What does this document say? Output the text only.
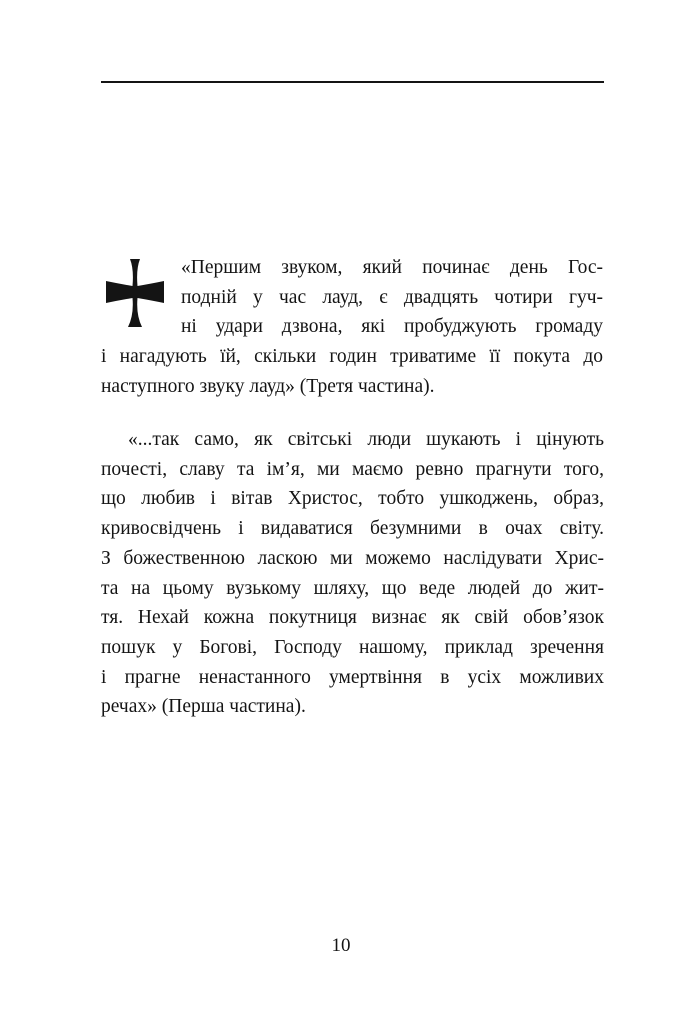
«Першим звуком, який починає день Гос-
подній у час лауд, є двадцять чотири гуч-
ні удари дзвона, які пробуджують громаду
і нагадують їй, скільки годин триватиме її покута до
наступного звуку лауд» (Третя частина).
«...так само, як світські люди шукають і цінують
почесті, славу та ім’я, ми маємо ревно прагнути того,
що любив і вітав Христос, тобто ушкоджень, образ,
кривосвідчень і видаватися безумними в очах світу.
З божественною ласкою ми можемо наслідувати Хрис-
та на цьому вузькому шляху, що веде людей до жит-
тя. Нехай кожна покутниця визнає як свій обов’язок
пошук у Богові, Господу нашому, приклад зречення
і прагне ненастанного умертвіння в усіх можливих
речах» (Перша частина).
10
